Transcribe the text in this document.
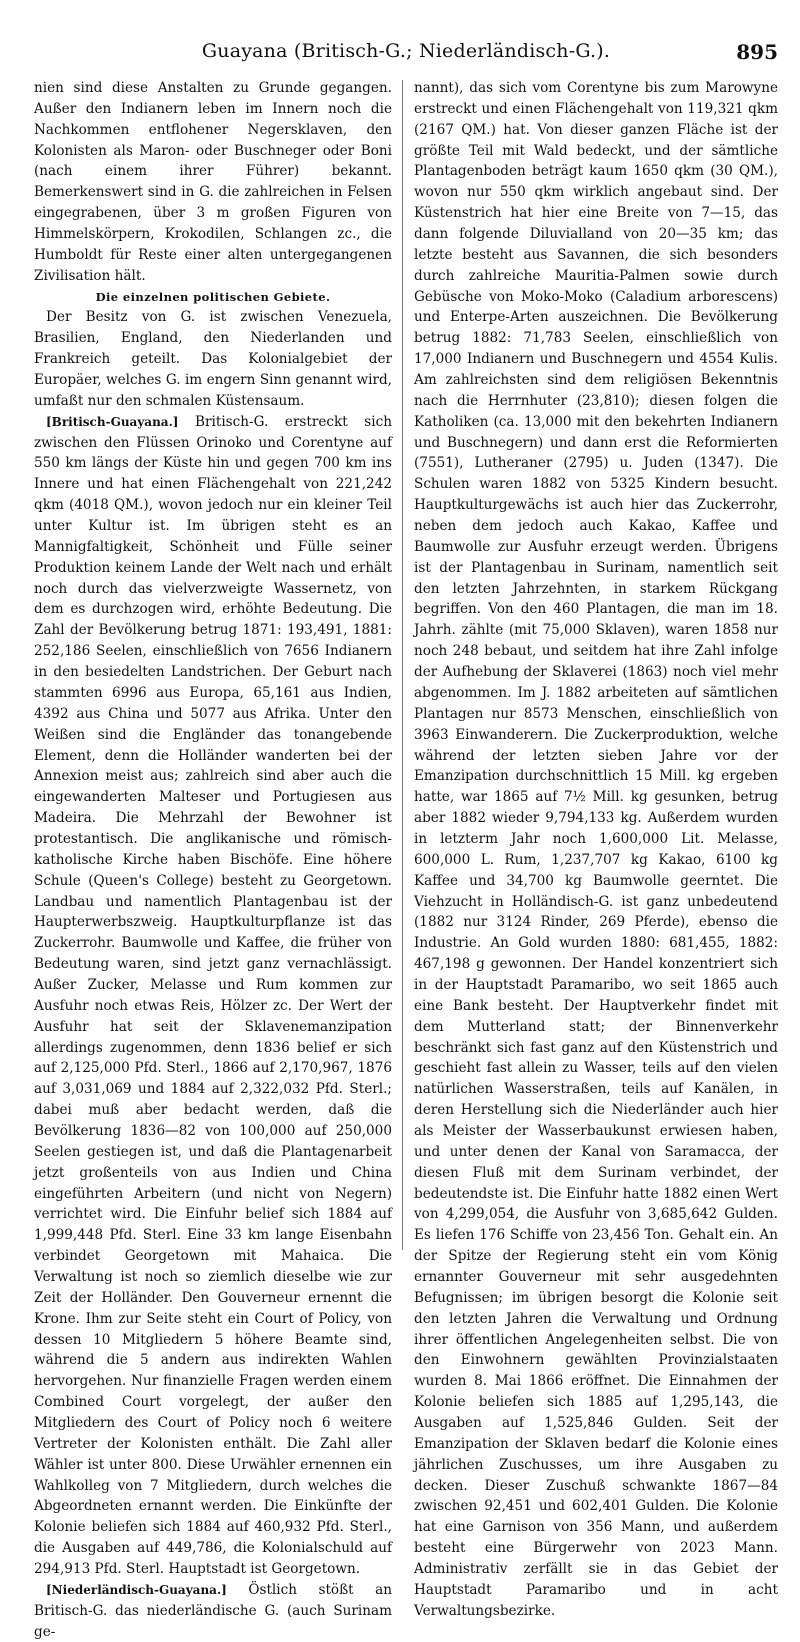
Guayana (Britisch-G.; Niederländisch-G.).	895

nien sind diese Anstalten zu Grunde gegangen. Außer den Indianern leben im Innern noch die Nachkommen entflohener Negersklaven, den Kolonisten als Maron- oder Buschneger oder Boni (nach einem ihrer Führer) bekannt. Bemerkenswert sind in G. die zahlreichen in Felsen eingegrabenen, über 3 m großen Figuren von Himmelskörpern, Krokodilen, Schlangen zc., die Humboldt für Reste einer alten untergegangenen Zivilisation hält.

Die einzelnen politischen Gebiete.

Der Besitz von G. ist zwischen Venezuela, Brasilien, England, den Niederlanden und Frankreich geteilt. Das Kolonialgebiet der Europäer, welches G. im engern Sinn genannt wird, umfaßt nur den schmalen Küstensaum.

[Britisch-Guayana.] Britisch-G. erstreckt sich zwischen den Flüssen Orinoko und Corentyne auf 550 km längs der Küste hin und gegen 700 km ins Innere und hat einen Flächengehalt von 221,242 qkm (4018 QM.), wovon jedoch nur ein kleiner Teil unter Kultur ist. Im übrigen steht es an Mannigfaltigkeit, Schönheit und Fülle seiner Produktion keinem Lande der Welt nach und erhält noch durch das vielverzweigte Wassernetz, von dem es durchzogen wird, erhöhte Bedeutung. Die Zahl der Bevölkerung betrug 1871: 193,491, 1881: 252,186 Seelen, einschließlich von 7656 Indianern in den besiedelten Landstrichen. Der Geburt nach stammten 6996 aus Europa, 65,161 aus Indien, 4392 aus China und 5077 aus Afrika. Unter den Weißen sind die Engländer das tonangebende Element, denn die Holländer wanderten bei der Annexion meist aus; zahlreich sind aber auch die eingewanderten Malteser und Portugiesen aus Madeira. Die Mehrzahl der Bewohner ist protestantisch. Die anglikanische und römisch-katholische Kirche haben Bischöfe. Eine höhere Schule (Queen's College) besteht zu Georgetown. Landbau und namentlich Plantagenbau ist der Haupterwerbszweig. Hauptkulturpflanze ist das Zuckerrohr. Baumwolle und Kaffee, die früher von Bedeutung waren, sind jetzt ganz vernachlässigt. Außer Zucker, Melasse und Rum kommen zur Ausfuhr noch etwas Reis, Hölzer zc. Der Wert der Ausfuhr hat seit der Sklavenemanzipation allerdings zugenommen, denn 1836 belief er sich auf 2,125,000 Pfd. Sterl., 1866 auf 2,170,967, 1876 auf 3,031,069 und 1884 auf 2,322,032 Pfd. Sterl.; dabei muß aber bedacht werden, daß die Bevölkerung 1836—82 von 100,000 auf 250,000 Seelen gestiegen ist, und daß die Plantagenarbeit jetzt großenteils von aus Indien und China eingeführten Arbeitern (und nicht von Negern) verrichtet wird. Die Einfuhr belief sich 1884 auf 1,999,448 Pfd. Sterl. Eine 33 km lange Eisenbahn verbindet Georgetown mit Mahaica. Die Verwaltung ist noch so ziemlich dieselbe wie zur Zeit der Holländer. Den Gouverneur ernennt die Krone. Ihm zur Seite steht ein Court of Policy, von dessen 10 Mitgliedern 5 höhere Beamte sind, während die 5 andern aus indirekten Wahlen hervorgehen. Nur finanzielle Fragen werden einem Combined Court vorgelegt, der außer den Mitgliedern des Court of Policy noch 6 weitere Vertreter der Kolonisten enthält. Die Zahl aller Wähler ist unter 800. Diese Urwähler ernennen ein Wahlkolleg von 7 Mitgliedern, durch welches die Abgeordneten ernannt werden. Die Einkünfte der Kolonie beliefen sich 1884 auf 460,932 Pfd. Sterl., die Ausgaben auf 449,786, die Kolonialschuld auf 294,913 Pfd. Sterl. Hauptstadt ist Georgetown.

[Niederländisch-Guayana.] Östlich stößt an Britisch-G. das niederländische G. (auch Surinam ge-

nannt), das sich vom Corentyne bis zum Marowyne erstreckt und einen Flächengehalt von 119,321 qkm (2167 QM.) hat. Von dieser ganzen Fläche ist der größte Teil mit Wald bedeckt, und der sämtliche Plantagenboden beträgt kaum 1650 qkm (30 QM.), wovon nur 550 qkm wirklich angebaut sind. Der Küstenstrich hat hier eine Breite von 7—15, das dann folgende Diluvialland von 20—35 km; das letzte besteht aus Savannen, die sich besonders durch zahlreiche Mauritia-Palmen sowie durch Gebüsche von Moko-Moko (Caladium arborescens) und Enterpe-Arten auszeichnen. Die Bevölkerung betrug 1882: 71,783 Seelen, einschließlich von 17,000 Indianern und Buschnegern und 4554 Kulis. Am zahlreichsten sind dem religiösen Bekenntnis nach die Herrnhuter (23,810); diesen folgen die Katholiken (ca. 13,000 mit den bekehrten Indianern und Buschnegern) und dann erst die Reformierten (7551), Lutheraner (2795) u. Juden (1347). Die Schulen waren 1882 von 5325 Kindern besucht. Hauptkulturgewächs ist auch hier das Zuckerrohr, neben dem jedoch auch Kakao, Kaffee und Baumwolle zur Ausfuhr erzeugt werden. Übrigens ist der Plantagenbau in Surinam, namentlich seit den letzten Jahrzehnten, in starkem Rückgang begriffen. Von den 460 Plantagen, die man im 18. Jahrh. zählte (mit 75,000 Sklaven), waren 1858 nur noch 248 bebaut, und seitdem hat ihre Zahl infolge der Aufhebung der Sklaverei (1863) noch viel mehr abgenommen. Im J. 1882 arbeiteten auf sämtlichen Plantagen nur 8573 Menschen, einschließlich von 3963 Einwanderern. Die Zuckerproduktion, welche während der letzten sieben Jahre vor der Emanzipation durchschnittlich 15 Mill. kg ergeben hatte, war 1865 auf 7½ Mill. kg gesunken, betrug aber 1882 wieder 9,794,133 kg. Außerdem wurden in letzterm Jahr noch 1,600,000 Lit. Melasse, 600,000 L. Rum, 1,237,707 kg Kakao, 6100 kg Kaffee und 34,700 kg Baumwolle geerntet. Die Viehzucht in Holländisch-G. ist ganz unbedeutend (1882 nur 3124 Rinder, 269 Pferde), ebenso die Industrie. An Gold wurden 1880: 681,455, 1882: 467,198 g gewonnen. Der Handel konzentriert sich in der Hauptstadt Paramaribo, wo seit 1865 auch eine Bank besteht. Der Hauptverkehr findet mit dem Mutterland statt; der Binnenverkehr beschränkt sich fast ganz auf den Küstenstrich und geschieht fast allein zu Wasser, teils auf den vielen natürlichen Wasserstraßen, teils auf Kanälen, in deren Herstellung sich die Niederländer auch hier als Meister der Wasserbaukunst erwiesen haben, und unter denen der Kanal von Saramacca, der diesen Fluß mit dem Surinam verbindet, der bedeutendste ist. Die Einfuhr hatte 1882 einen Wert von 4,299,054, die Ausfuhr von 3,685,642 Gulden. Es liefen 176 Schiffe von 23,456 Ton. Gehalt ein. An der Spitze der Regierung steht ein vom König ernannter Gouverneur mit sehr ausgedehnten Befugnissen; im übrigen besorgt die Kolonie seit den letzten Jahren die Verwaltung und Ordnung ihrer öffentlichen Angelegenheiten selbst. Die von den Einwohnern gewählten Provinzialstaaten wurden 8. Mai 1866 eröffnet. Die Einnahmen der Kolonie beliefen sich 1885 auf 1,295,143, die Ausgaben auf 1,525,846 Gulden. Seit der Emanzipation der Sklaven bedarf die Kolonie eines jährlichen Zuschusses, um ihre Ausgaben zu decken. Dieser Zuschuß schwankte 1867—84 zwischen 92,451 und 602,401 Gulden. Die Kolonie hat eine Garnison von 356 Mann, und außerdem besteht eine Bürgerwehr von 2023 Mann. Administrativ zerfällt sie in das Gebiet der Hauptstadt Paramaribo und in acht Verwaltungsbezirke.
